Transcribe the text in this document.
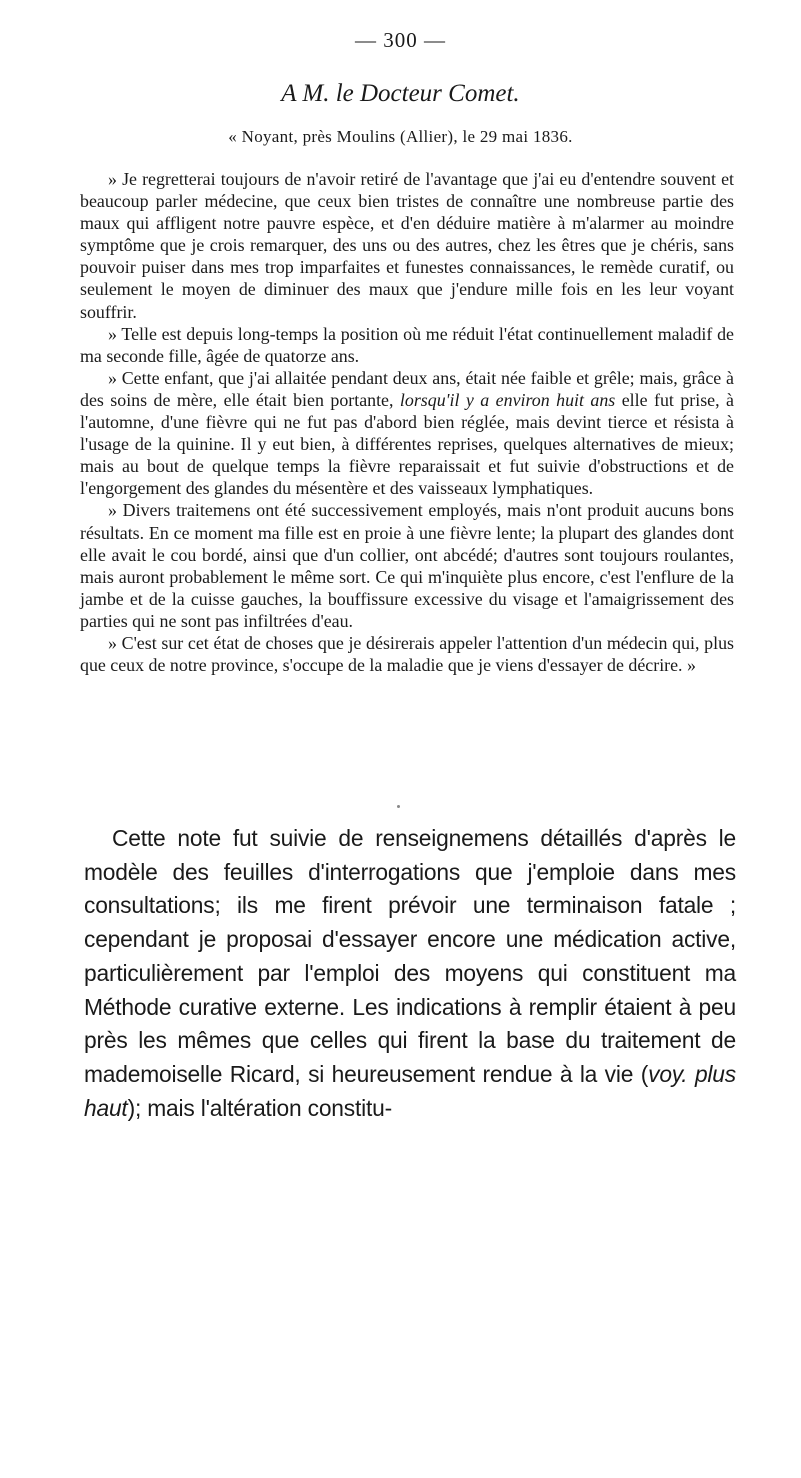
— 300 —
A M. le Docteur Comet.
« Noyant, près Moulins (Allier), le 29 mai 1836.

» Je regretterai toujours de n'avoir retiré de l'avantage que j'ai eu d'entendre souvent et beaucoup parler médecine, que ceux bien tristes de connaître une nombreuse partie des maux qui affligent notre pauvre espèce, et d'en déduire matière à m'alarmer au moindre symptôme que je crois remarquer, des uns ou des autres, chez les êtres que je chéris, sans pouvoir puiser dans mes trop imparfaites et funestes connaissances, le remède curatif, ou seulement le moyen de diminuer des maux que j'endure mille fois en les leur voyant souffrir.

» Telle est depuis long-temps la position où me réduit l'état continuellement maladif de ma seconde fille, âgée de quatorze ans.

» Cette enfant, que j'ai allaitée pendant deux ans, était née faible et grêle; mais, grâce à des soins de mère, elle était bien portante, lorsqu'il y a environ huit ans elle fut prise, à l'automne, d'une fièvre qui ne fut pas d'abord bien réglée, mais devint tierce et résista à l'usage de la quinine. Il y eut bien, à différentes reprises, quelques alternatives de mieux; mais au bout de quelque temps la fièvre reparaissait et fut suivie d'obstructions et de l'engorgement des glandes du mésentère et des vaisseaux lymphatiques.

» Divers traitemens ont été successivement employés, mais n'ont produit aucuns bons résultats. En ce moment ma fille est en proie à une fièvre lente; la plupart des glandes dont elle avait le cou bordé, ainsi que d'un collier, ont abcédé; d'autres sont toujours roulantes, mais auront probablement le même sort. Ce qui m'inquiète plus encore, c'est l'enflure de la jambe et de la cuisse gauches, la bouffissure excessive du visage et l'amaigrissement des parties qui ne sont pas infiltrées d'eau.

» C'est sur cet état de choses que je désirerais appeler l'attention d'un médecin qui, plus que ceux de notre province, s'occupe de la maladie que je viens d'essayer de décrire. »

Cette note fut suivie de renseignemens détaillés d'après le modèle des feuilles d'interrogations que j'emploie dans mes consultations; ils me firent prévoir une terminaison fatale ; cependant je proposai d'essayer encore une médication active, particulièrement par l'emploi des moyens qui constituent ma Méthode curative externe. Les indications à remplir étaient à peu près les mêmes que celles qui firent la base du traitement de mademoiselle Ricard, si heureusement rendue à la vie (voy. plus haut); mais l'altération constitu-
